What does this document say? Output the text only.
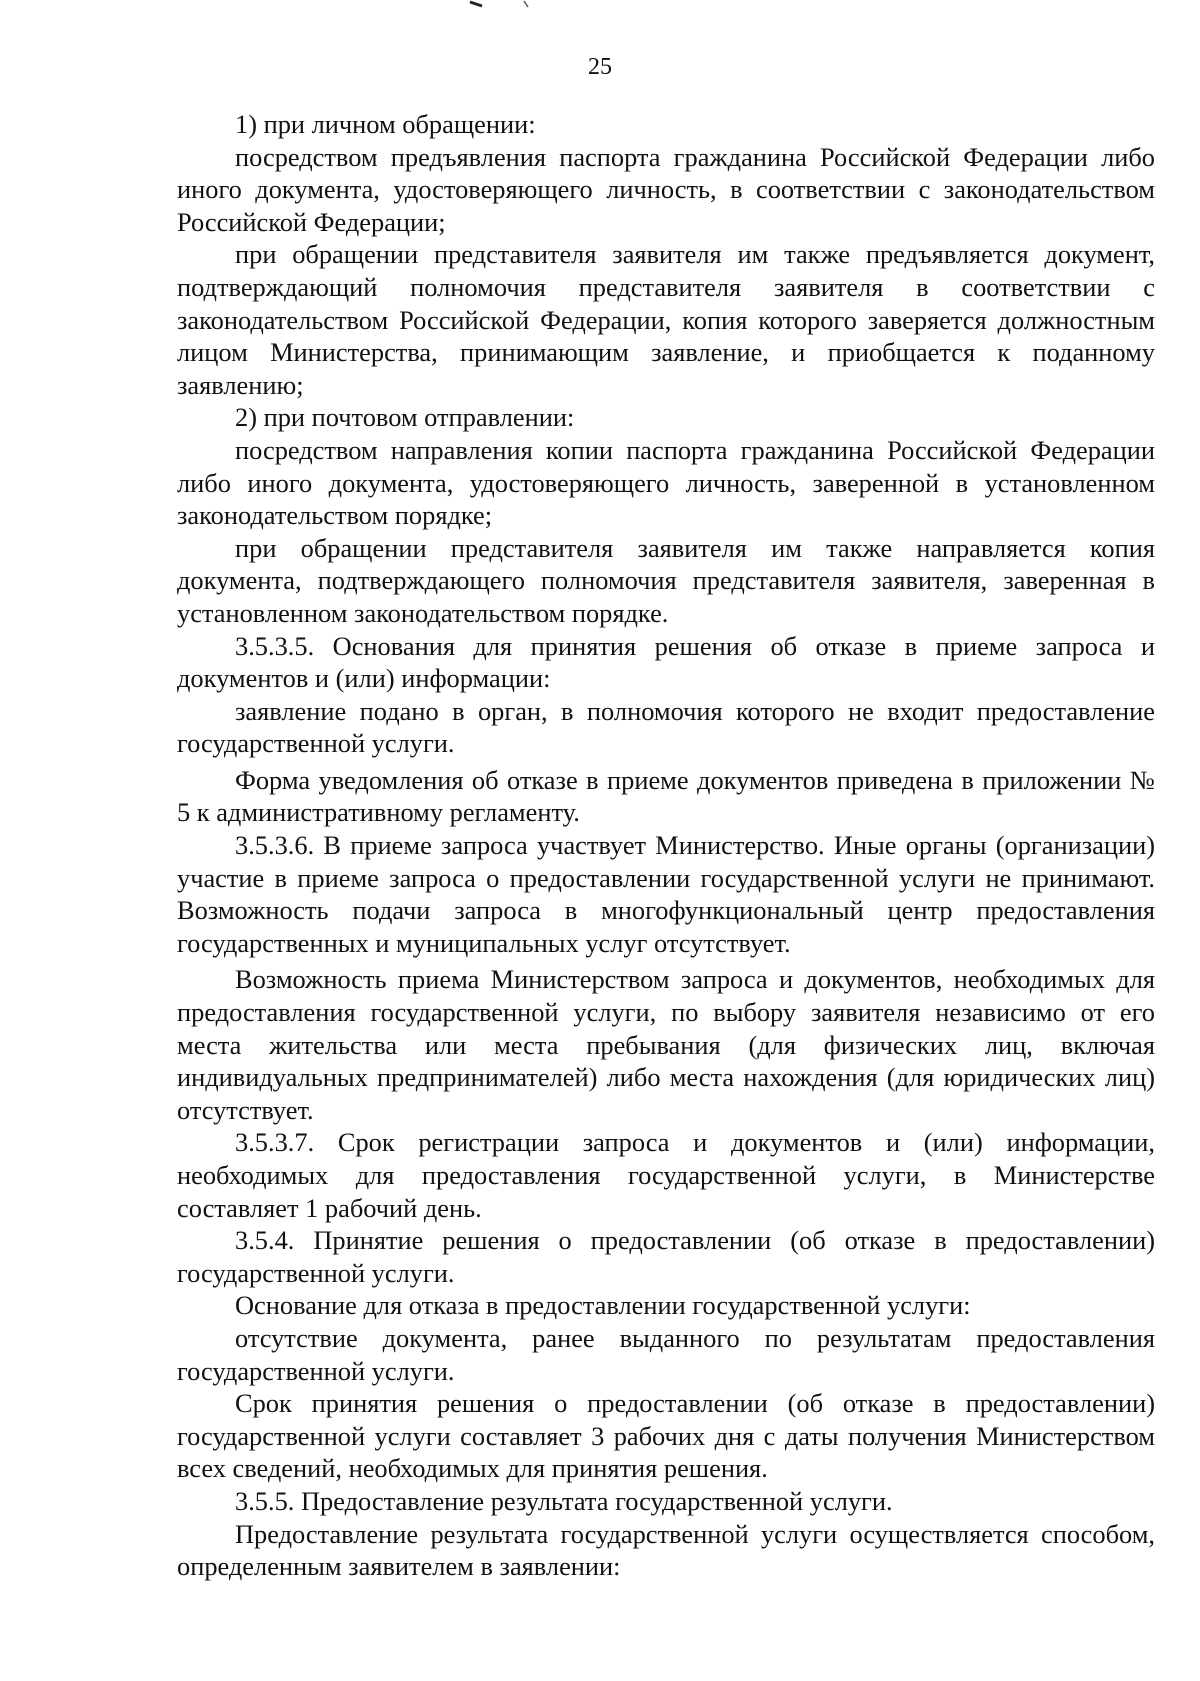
25

1) при личном обращении:

посредством предъявления паспорта гражданина Российской Федерации либо иного документа, удостоверяющего личность, в соответствии с законодательством Российской Федерации;

при обращении представителя заявителя им также предъявляется документ, подтверждающий полномочия представителя заявителя в соответствии с законодательством Российской Федерации, копия которого заверяется должностным лицом Министерства, принимающим заявление, и приобщается к поданному заявлению;

2) при почтовом отправлении:

посредством направления копии паспорта гражданина Российской Федерации либо иного документа, удостоверяющего личность, заверенной в установленном законодательством порядке;

при обращении представителя заявителя им также направляется копия документа, подтверждающего полномочия представителя заявителя, заверенная в установленном законодательством порядке.

3.5.3.5. Основания для принятия решения об отказе в приеме запроса и документов и (или) информации:

заявление подано в орган, в полномочия которого не входит предоставление государственной услуги.

Форма уведомления об отказе в приеме документов приведена в приложении № 5 к административному регламенту.

3.5.3.6. В приеме запроса участвует Министерство. Иные органы (организации) участие в приеме запроса о предоставлении государственной услуги не принимают. Возможность подачи запроса в многофункциональный центр предоставления государственных и муниципальных услуг отсутствует.

Возможность приема Министерством запроса и документов, необходимых для предоставления государственной услуги, по выбору заявителя независимо от его места жительства или места пребывания (для физических лиц, включая индивидуальных предпринимателей) либо места нахождения (для юридических лиц) отсутствует.

3.5.3.7. Срок регистрации запроса и документов и (или) информации, необходимых для предоставления государственной услуги, в Министерстве составляет 1 рабочий день.

3.5.4. Принятие решения о предоставлении (об отказе в предоставлении) государственной услуги.

Основание для отказа в предоставлении государственной услуги:

отсутствие документа, ранее выданного по результатам предоставления государственной услуги.

Срок принятия решения о предоставлении (об отказе в предоставлении) государственной услуги составляет 3 рабочих дня с даты получения Министерством всех сведений, необходимых для принятия решения.

3.5.5. Предоставление результата государственной услуги.

Предоставление результата государственной услуги осуществляется способом, определенным заявителем в заявлении:
